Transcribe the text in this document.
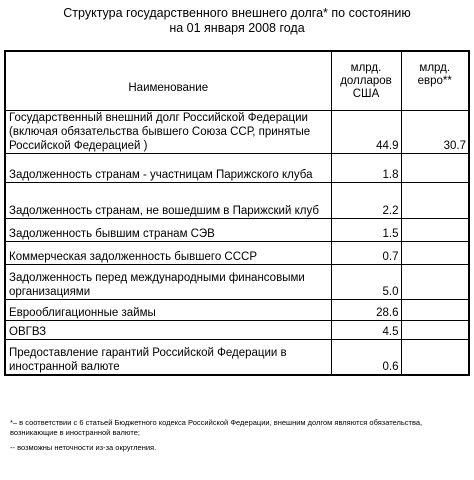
Структура государственного внешнего долга* по состоянию
на 01 января 2008 года
Наименование	млрд. долларов США	млрд. евро**
Государственный внешний долг Российской Федерации (включая обязательства бывшего Союза ССР, принятые Российской Федерацией )	44.9	30.7
Задолженность странам - участницам Парижского клуба	1.8	
Задолженность странам, не вошедшим в Парижский клуб	2.2	
Задолженность бывшим странам СЭВ	1.5	
Коммерческая задолженность бывшего СССР	0.7	
Задолженность перед международными финансовыми организациями	5.0	
Еврооблигационные займы	28.6	
ОВГВЗ	4.5	
Предоставление гарантий Российской Федерации в иностранной валюте	0.6	
*– в соответствии с 6 статьей Бюджетного кодекса Российской Федерации, внешним долгом являются обязательства, возникающие в иностранной валюте;
-- возможны неточности из-за округления.
